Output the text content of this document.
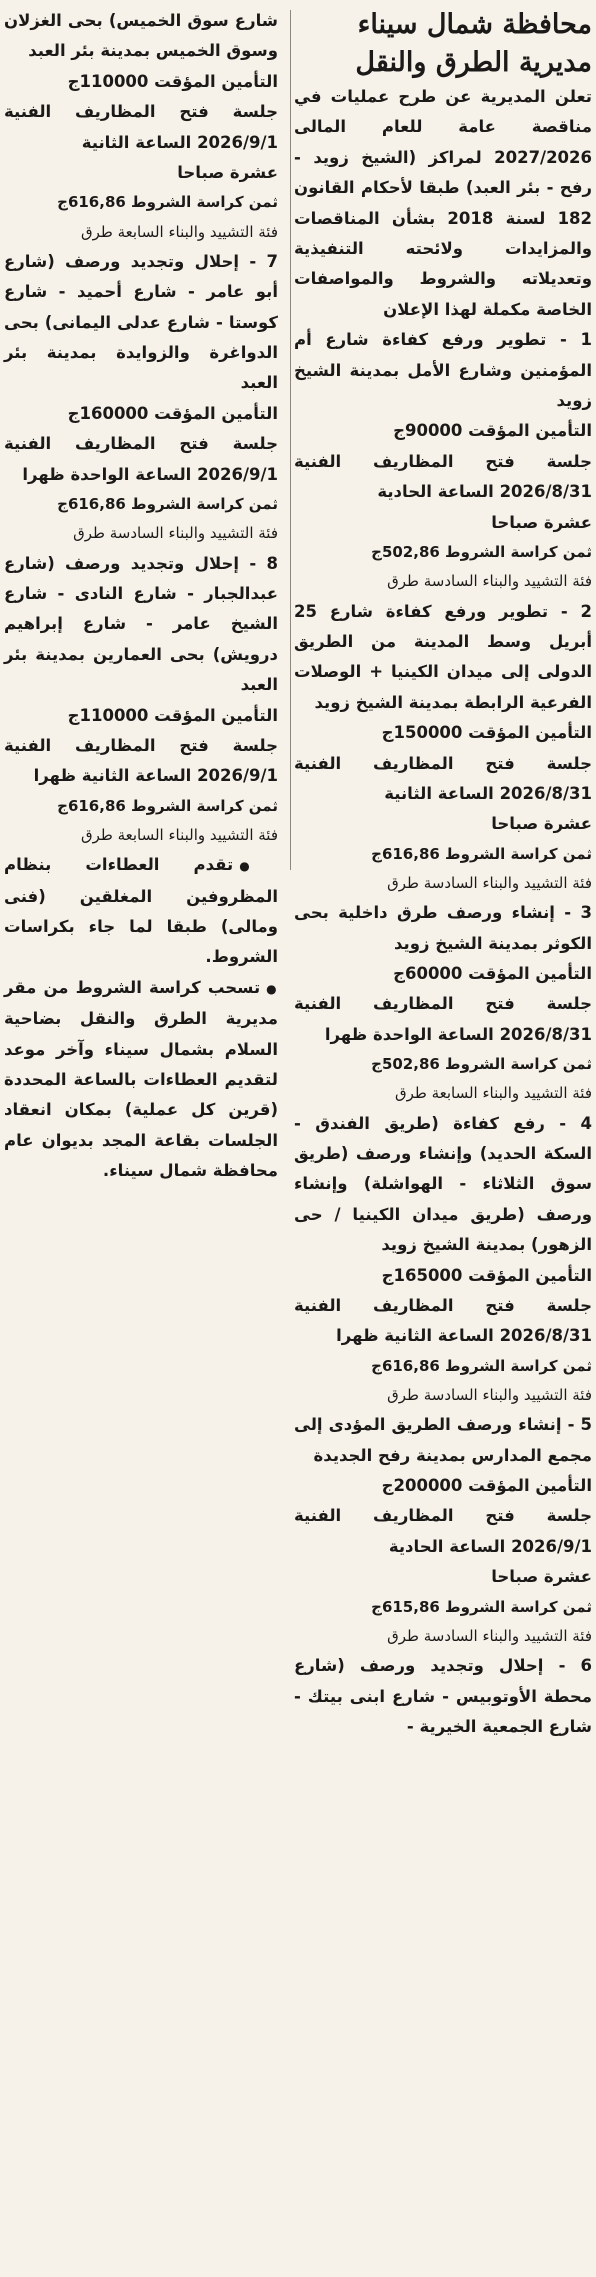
محافظة شمال سيناء
مديرية الطرق والنقل

تعلن المديرية عن طرح عمليات في مناقصة عامة للعام المالى 2027/2026 لمراكز (الشيخ زويد - رفح - بئر العبد) طبقا لأحكام القانون 182 لسنة 2018 بشأن المناقصات والمزايدات ولائحته التنفيذية وتعديلاته والشروط والمواصفات الخاصة مكملة لهذا الإعلان

1 - تطوير ورفع كفاءة شارع أم المؤمنين وشارع الأمل بمدينة الشيخ زويد

التأمين المؤقت 90000ج

جلسة فتح المظاريف الفنية 2026/8/31 الساعة الحادية

عشرة صباحا

ثمن كراسة الشروط 502,86ج

فئة التشييد والبناء السادسة طرق

2 - تطوير ورفع كفاءة شارع 25 أبريل وسط المدينة من الطريق الدولى إلى ميدان الكينيا + الوصلات الفرعية الرابطة بمدينة الشيخ زويد

التأمين المؤقت 150000ج

جلسة فتح المظاريف الفنية 2026/8/31 الساعة الثانية

عشرة صباحا

ثمن كراسة الشروط 616,86ج

فئة التشييد والبناء السادسة طرق

3 - إنشاء ورصف طرق داخلية بحى الكوثر بمدينة الشيخ زويد

التأمين المؤقت 60000ج

جلسة فتح المظاريف الفنية 2026/8/31 الساعة الواحدة ظهرا

ثمن كراسة الشروط 502,86ج

فئة التشييد والبناء السابعة طرق

4 - رفع كفاءة (طريق الفندق - السكة الحديد) وإنشاء ورصف (طريق سوق الثلاثاء - الهواشلة) وإنشاء ورصف (طريق ميدان الكينيا / حى الزهور) بمدينة الشيخ زويد

التأمين المؤقت 165000ج

جلسة فتح المظاريف الفنية 2026/8/31 الساعة الثانية ظهرا

ثمن كراسة الشروط 616,86ج

فئة التشييد والبناء السادسة طرق

5 - إنشاء ورصف الطريق المؤدى إلى مجمع المدارس بمدينة رفح الجديدة

التأمين المؤقت 200000ج

جلسة فتح المظاريف الفنية 2026/9/1 الساعة الحادية

عشرة صباحا

ثمن كراسة الشروط 615,86ج

فئة التشييد والبناء السادسة طرق

6 - إحلال وتجديد ورصف (شارع محطة الأوتوبيس - شارع ابنى بيتك - شارع الجمعية الخيرية -

شارع سوق الخميس) بحى الغزلان وسوق الخميس بمدينة بئر العبد

التأمين المؤقت 110000ج

جلسة فتح المظاريف الفنية 2026/9/1 الساعة الثانية

عشرة صباحا

ثمن كراسة الشروط 616,86ج

فئة التشييد والبناء السابعة طرق

7 - إحلال وتجديد ورصف (شارع أبو عامر - شارع أحميد - شارع كوستا - شارع عدلى اليمانى) بحى الدواغرة والزوايدة بمدينة بئر العبد

التأمين المؤقت 160000ج

جلسة فتح المظاريف الفنية 2026/9/1 الساعة الواحدة ظهرا

ثمن كراسة الشروط 616,86ج

فئة التشييد والبناء السادسة طرق

8 - إحلال وتجديد ورصف (شارع عبدالجبار - شارع النادى - شارع الشيخ عامر - شارع إبراهيم درويش) بحى العمارين بمدينة بئر العبد

التأمين المؤقت 110000ج

جلسة فتح المظاريف الفنية 2026/9/1 الساعة الثانية ظهرا

ثمن كراسة الشروط 616,86ج

فئة التشييد والبناء السابعة طرق

● تقدم العطاءات بنظام المظروفين المغلقين (فنى ومالى) طبقا لما جاء بكراسات الشروط.

● تسحب كراسة الشروط من مقر مديرية الطرق والنقل بضاحية السلام بشمال سيناء وآخر موعد لتقديم العطاءات بالساعة المحددة (قرين كل عملية) بمكان انعقاد الجلسات بقاعة المجد بديوان عام محافظة شمال سيناء.
